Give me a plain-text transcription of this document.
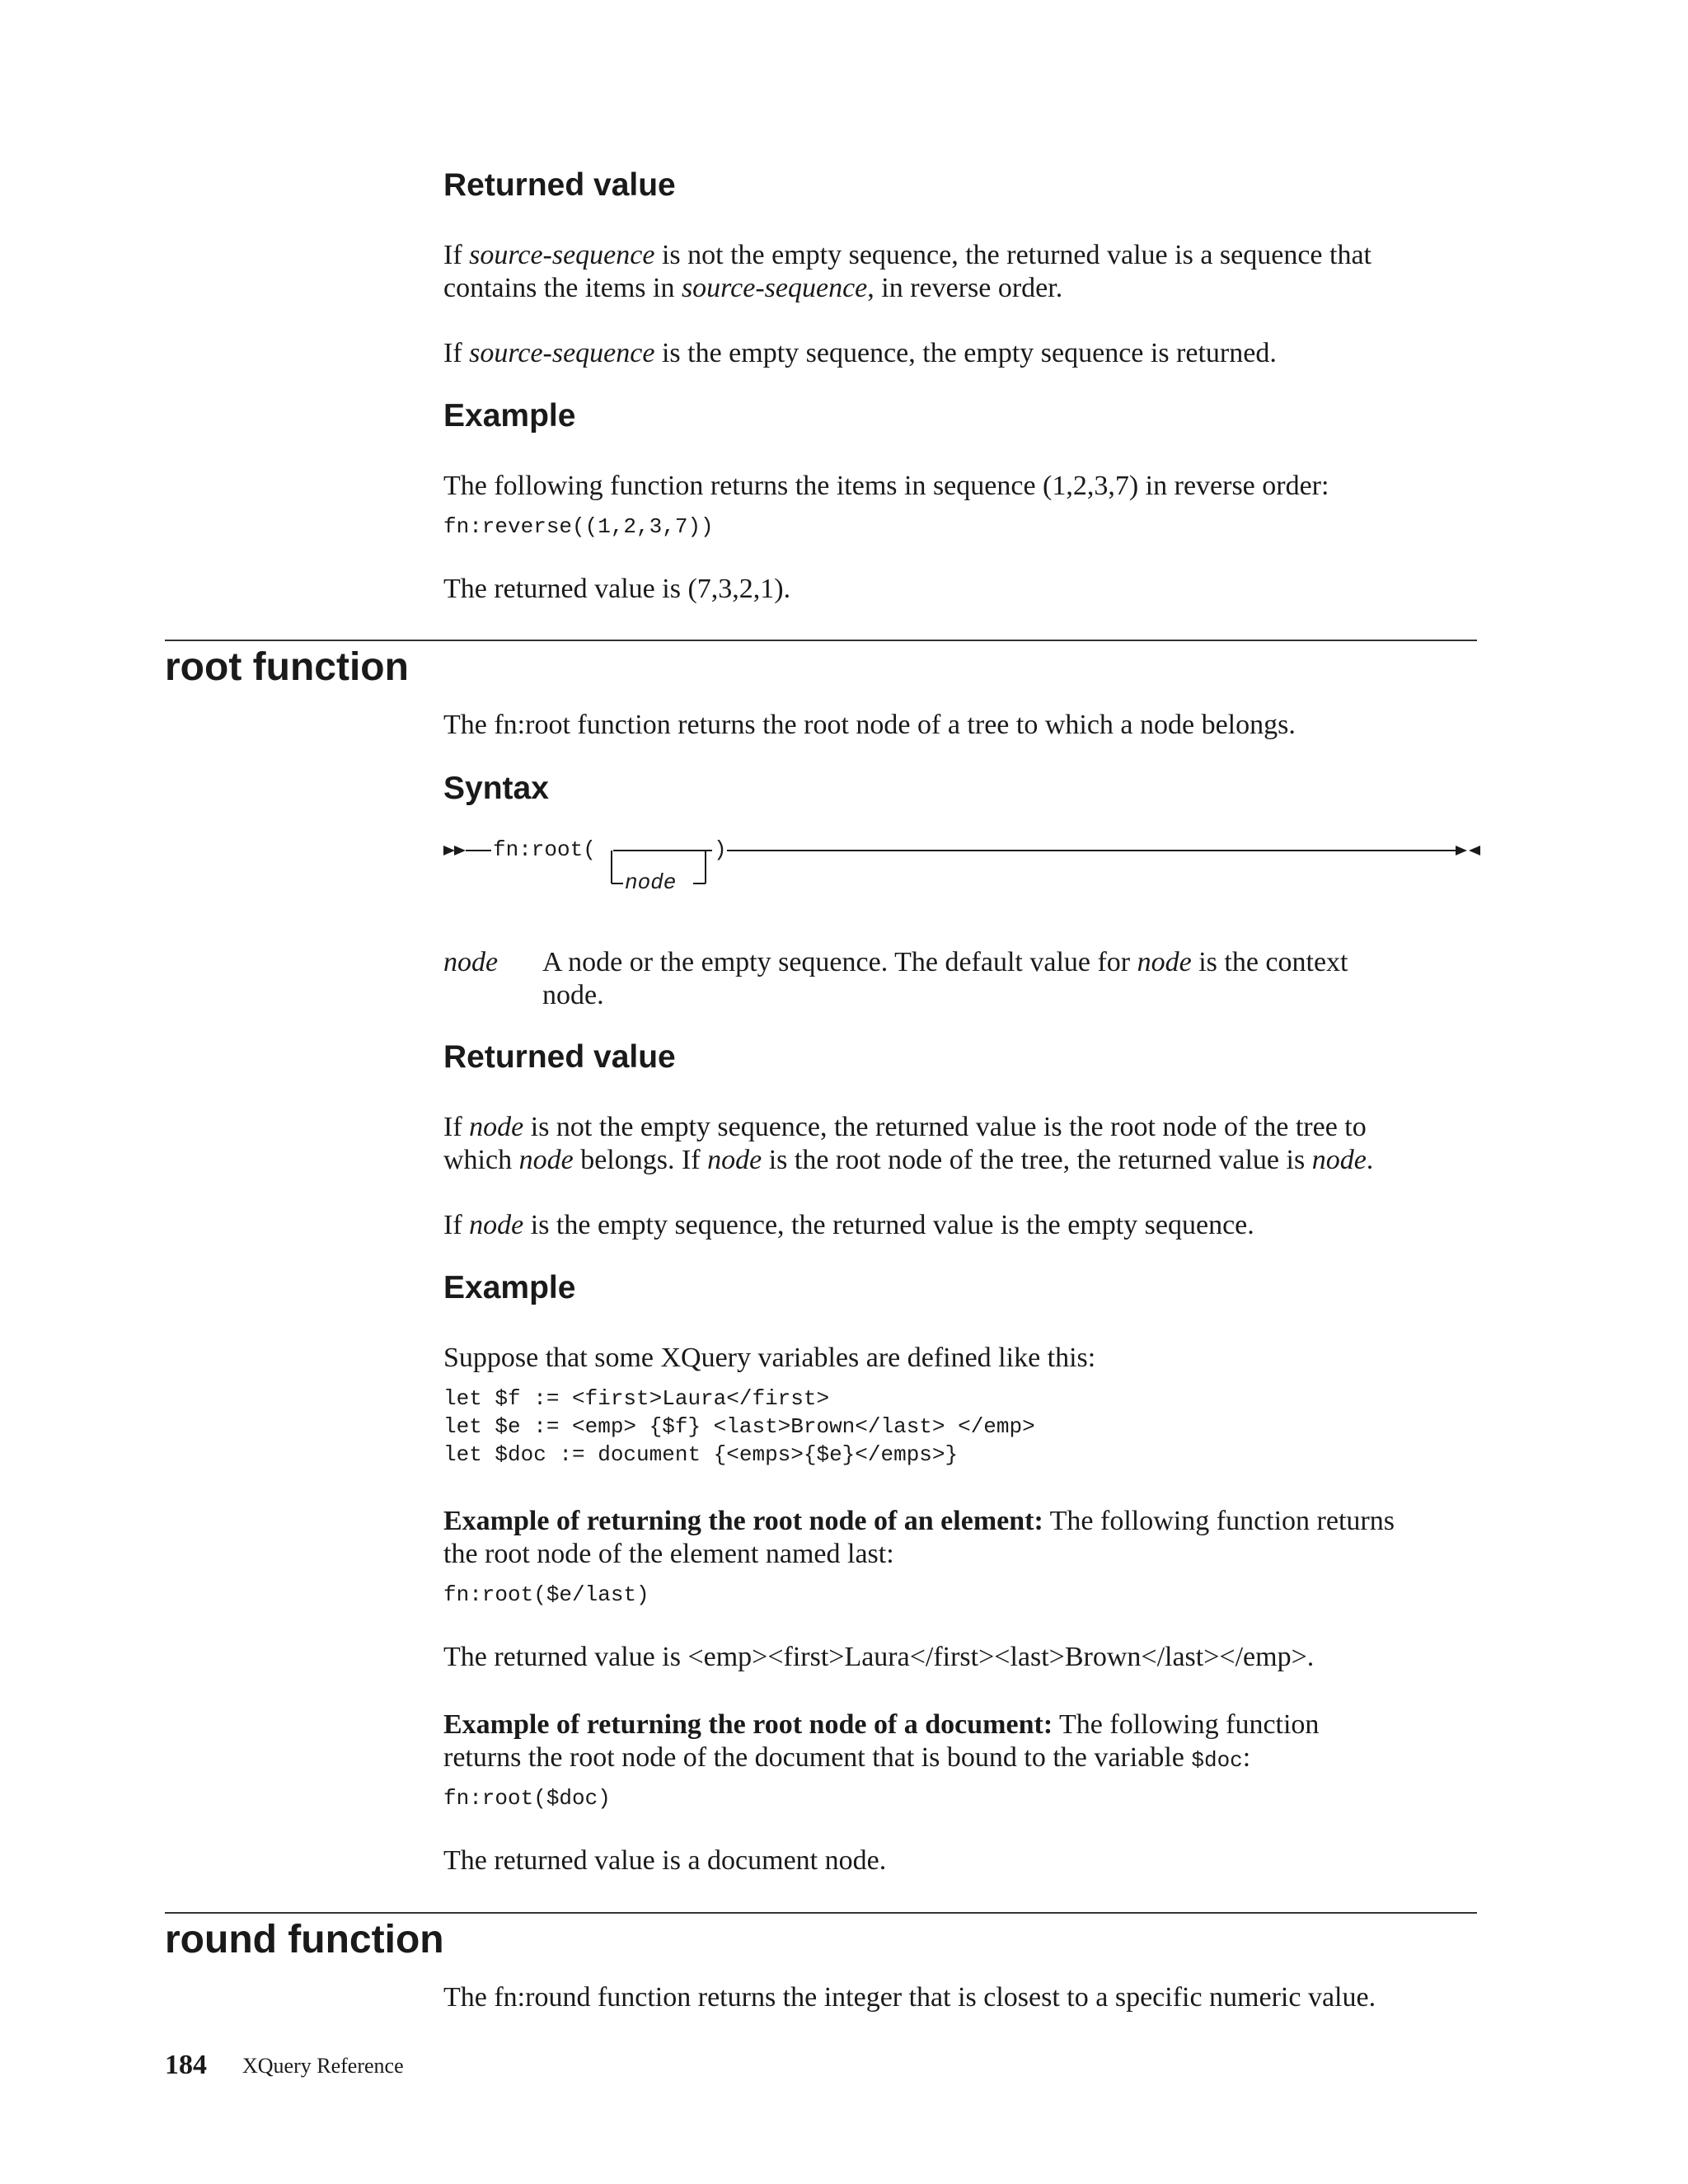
Returned value
If source-sequence is not the empty sequence, the returned value is a sequence that
contains the items in source-sequence, in reverse order.
If source-sequence is the empty sequence, the empty sequence is returned.
Example
The following function returns the items in sequence (1,2,3,7) in reverse order:
fn:reverse((1,2,3,7))
The returned value is (7,3,2,1).
root function
The fn:root function returns the root node of a tree to which a node belongs.
Syntax
fn:root(	)
node
node A node or the empty sequence. The default value for node is the context
node.
Returned value
If node is not the empty sequence, the returned value is the root node of the tree to
which node belongs. If node is the root node of the tree, the returned value is node.
If node is the empty sequence, the returned value is the empty sequence.
Example
Suppose that some XQuery variables are defined like this:
let $f := <first>Laura</first>
let $e := <emp> {$f} <last>Brown</last> </emp>
let $doc := document {<emps>{$e}</emps>}
Example of returning the root node of an element: The following function returns
the root node of the element named last:
fn:root($e/last)
The returned value is <emp><first>Laura</first><last>Brown</last></emp>.
Example of returning the root node of a document: The following function
returns the root node of the document that is bound to the variable $doc:
fn:root($doc)
The returned value is a document node.
round function
The fn:round function returns the integer that is closest to a specific numeric value.
184 XQuery Reference
